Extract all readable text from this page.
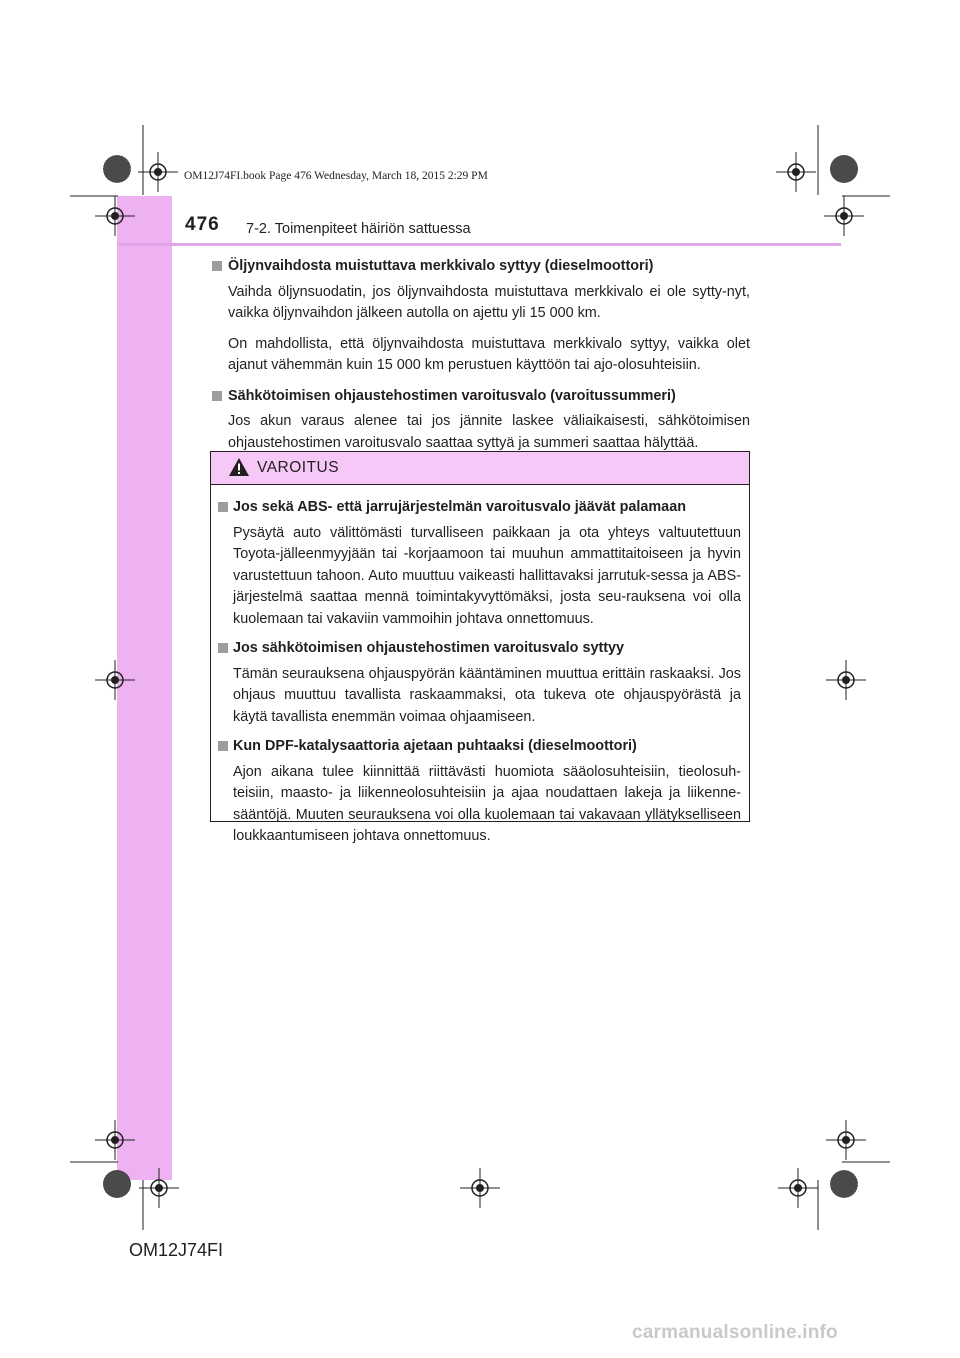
OM12J74FI.book Page 476 Wednesday, March 18, 2015 2:29 PM
476 7-2. Toimenpiteet häiriön sattuessa

Öljynvaihdosta muistuttava merkkivalo syttyy (dieselmoottori)

Vaihda öljynsuodatin, jos öljynvaihdosta muistuttava merkkivalo ei ole sytty-nyt, vaikka öljynvaihdon jälkeen autolla on ajettu yli 15 000 km.

On mahdollista, että öljynvaihdosta muistuttava merkkivalo syttyy, vaikka olet ajanut vähemmän kuin 15 000 km perustuen käyttöön tai ajo-olosuhteisiin.

Sähkötoimisen ohjaustehostimen varoitusvalo (varoitussummeri)

Jos akun varaus alenee tai jos jännite laskee väliaikaisesti, sähkötoimisen ohjaustehostimen varoitusvalo saattaa syttyä ja summeri saattaa hälyttää.

VAROITUS

Jos sekä ABS- että jarrujärjestelmän varoitusvalo jäävät palamaan

Pysäytä auto välittömästi turvalliseen paikkaan ja ota yhteys valtuutettuun Toyota-jälleenmyyjään tai -korjaamoon tai muuhun ammattitaitoiseen ja hyvin varustettuun tahoon. Auto muuttuu vaikeasti hallittavaksi jarrutuk-sessa ja ABS-järjestelmä saattaa mennä toimintakyvyttömäksi, josta seu-rauksena voi olla kuolemaan tai vakaviin vammoihin johtava onnettomuus.

Jos sähkötoimisen ohjaustehostimen varoitusvalo syttyy

Tämän seurauksena ohjauspyörän kääntäminen muuttua erittäin raskaaksi. Jos ohjaus muuttuu tavallista raskaammaksi, ota tukeva ote ohjauspyörästä ja käytä tavallista enemmän voimaa ohjaamiseen.

Kun DPF-katalysaattoria ajetaan puhtaaksi (dieselmoottori)

Ajon aikana tulee kiinnittää riittävästi huomiota sääolosuhteisiin, tieolosuh-teisiin, maasto- ja liikenneolosuhteisiin ja ajaa noudattaen lakeja ja liikenne-sääntöjä. Muuten seurauksena voi olla kuolemaan tai vakavaan yllätykselliseen loukkaantumiseen johtava onnettomuus.

OM12J74FI
carmanualsonline.info
